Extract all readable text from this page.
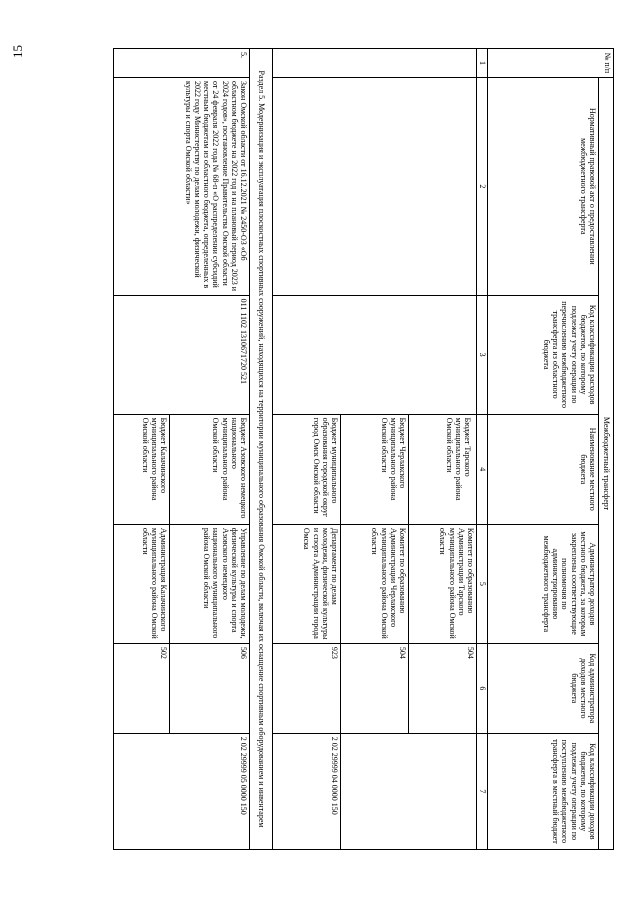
15
№ п/п	Межбюджетный трансферт					
	Нормативный правовой акт о предоставлении межбюджетного трансферта	Код классификации расходов бюджетов, по которому подлежат учету операции по перечислению межбюджетного трансферта из областного бюджета	Наименование местного бюджета	Администратор доходов местного бюджета, за которым закреплены соответствующие полномочия по администрированию межбюджетного трансферта	Код администратора доходов местного бюджета	Код классификации доходов бюджетов, по которому подлежат учету операции по поступлению межбюджетного трансферта в местный бюджет
1	2	3	4	5	6	7

			Бюджет Тарского муниципального района Омской области	Комитет по образованию Администрации Тарского муниципального района Омской области	504	
			Бюджет Черлакского муниципального района Омской области	Комитет по образованию Администрации Черлакского муниципального района Омской области	504	
			Бюджет муниципального образования городской округ город Омск Омской области	Департамент по делам молодежи, физической культуры и спорта Администрации города Омска	923	2 02 29999 04 0000 150
Раздел 5. Модернизация и эксплуатация плоскостных спортивных сооружений, находящихся на территории муниципального образования Омской области, включая их оснащение спортивным оборудованием и инвентарем						
5.	Закон Омской области от 16.12.2021 № 2450-ОЗ «Об областном бюджете на 2022 год и на плановый период 2023 и 2024 годов», постановление Правительства Омской области от 24 февраля 2022 года № 68-п «О распределении субсидий местным бюджетам из областного бюджета, определенных в 2022 году Министерству по делам молодежи, физической культуры и спорта Омской области»	011 1102 1310671720 521	Бюджет Азовского немецкого национального муниципального района Омской области	Управление по делам молодежи, физической культуры и спорта Азовского немецкого национального муниципального района Омской области	506	2 02 29999 05 0000 150
			Бюджет Калачинского муниципального района Омской области	Администрация Калачинского муниципального района Омской области	502	
